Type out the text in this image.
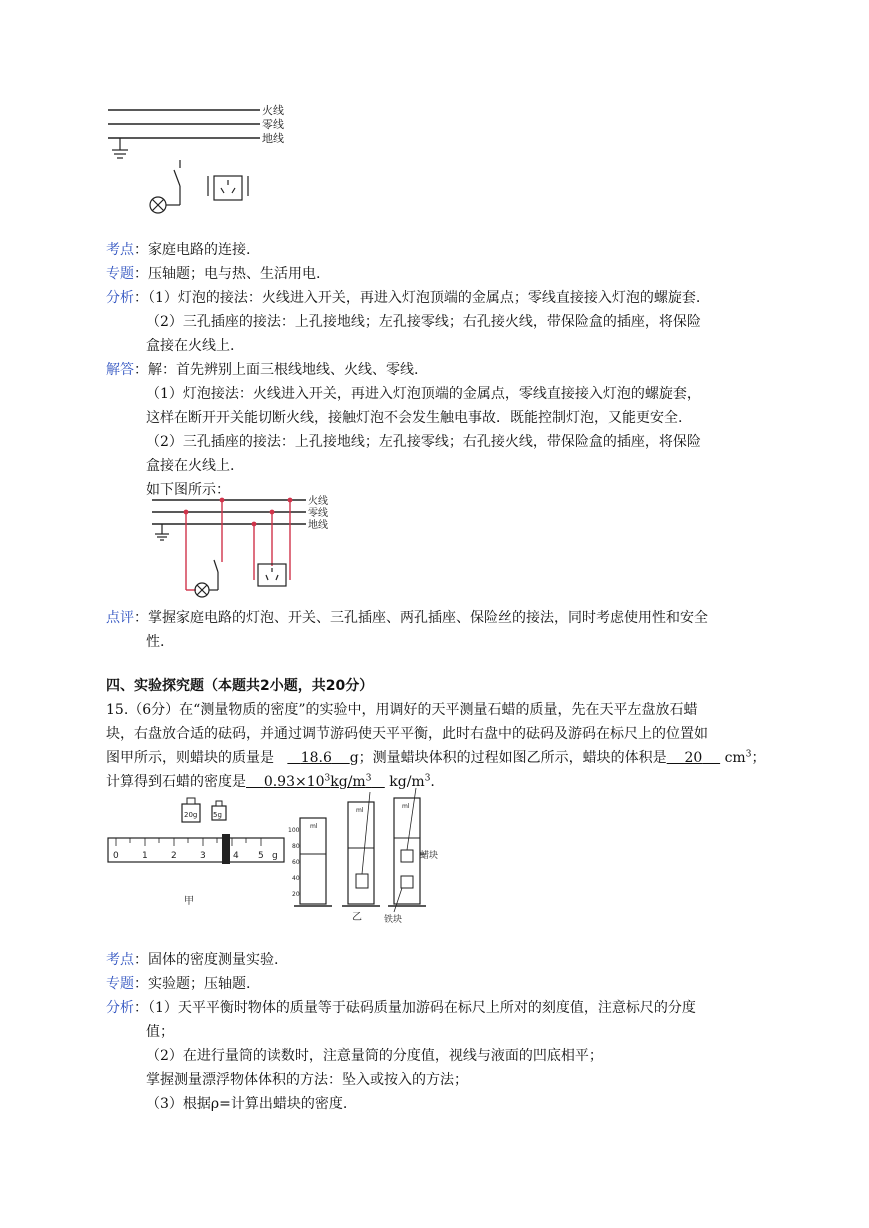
火线
零线
地线
考点：家庭电路的连接.
专题：压轴题；电与热、生活用电.
分析：（1）灯泡的接法：火线进入开关，再进入灯泡顶端的金属点；零线直接接入灯泡的螺旋套.
（2）三孔插座的接法：上孔接地线；左孔接零线；右孔接火线，带保险盒的插座，将保险
盒接在火线上.
解答：解：首先辨别上面三根线地线、火线、零线.
（1）灯泡接法：火线进入开关，再进入灯泡顶端的金属点，零线直接接入灯泡的螺旋套，
这样在断开开关能切断火线，接触灯泡不会发生触电事故．既能控制灯泡，又能更安全.
（2）三孔插座的接法：上孔接地线；左孔接零线；右孔接火线，带保险盒的插座，将保险
盒接在火线上.
如下图所示：
火线
零线
地线
点评：掌握家庭电路的灯泡、开关、三孔插座、两孔插座、保险丝的接法，同时考虑使用性和安全
性.
四、实验探究题（本题共2小题，共20分）
15.（6分）在“测量物质的密度”的实验中，用调好的天平测量石蜡的质量，先在天平左盘放石蜡
块，右盘放合适的砝码，并通过调节游码使天平平衡，此时右盘中的砝码及游码在标尺上的位置如
图甲所示，则蜡块的质量是 18.6 g；测量蜡块体积的过程如图乙所示，蜡块的体积是 20 $cm^3$；
计算得到石蜡的密度是 $0.93\times 10^3kg/m^3$ $kg/m^3$.
20g 5g
0	1	2	3	4 5 g
甲
ml
100
80
60
40
20
ml
乙
ml
蜡块
铁块
考点：固体的密度测量实验.
专题：实验题；压轴题.
分析：（1）天平平衡时物体的质量等于砝码质量加游码在标尺上所对的刻度值，注意标尺的分度
值；
（2）在进行量筒的读数时，注意量筒的分度值，视线与液面的凹底相平；
掌握测量漂浮物体体积的方法：坠入或按入的方法；
（3）根据ρ=计算出蜡块的密度.
